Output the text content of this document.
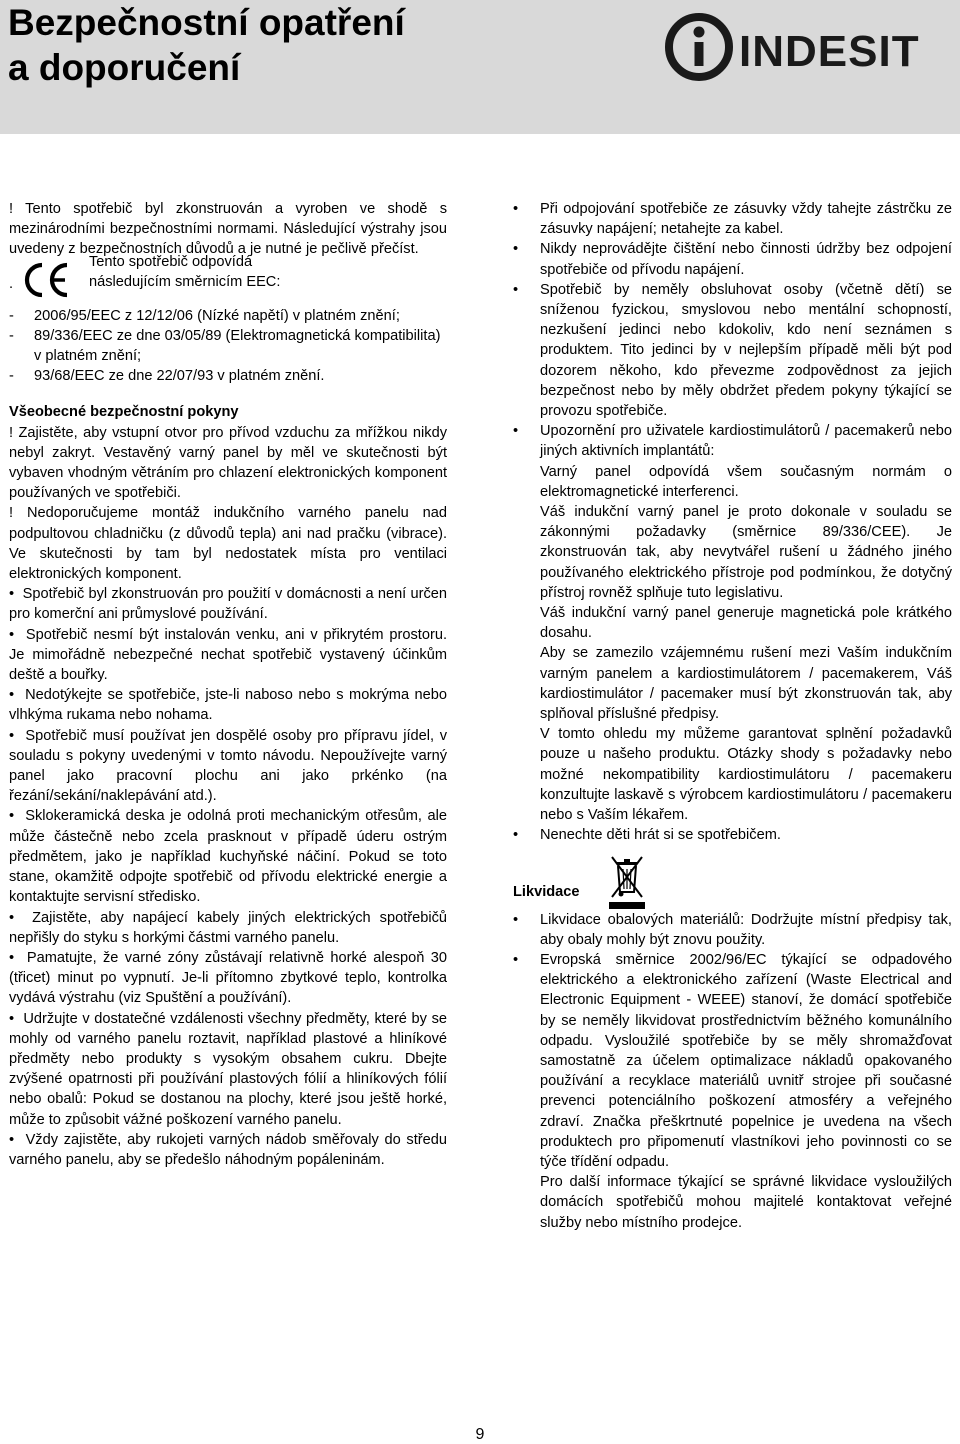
Bezpečnostní opatření
a doporučení	INDESIT

! Tento spotřebič byl zkonstruován a vyroben ve shodě s mezinárodními bezpečnostními normami. Následující výstrahy jsou uvedeny z bezpečnostních důvodů a je nutné je pečlivě přečíst.

.
Tento spotřebič odpovídá
následujícím směrnicím EEC:
- 2006/95/EEC z 12/12/06 (Nízké napětí) v platném znění;
- 89/336/EEC ze dne 03/05/89 (Elektromagnetická kompatibilita) v platném znění;
- 93/68/EEC ze dne 22/07/93 v platném znění.

Všeobecné bezpečnostní pokyny

! Zajistěte, aby vstupní otvor pro přívod vzduchu za mřížkou nikdy nebyl zakryt. Vestavěný varný panel by měl ve skutečnosti být vybaven vhodným větráním pro chlazení elektronických komponent používaných ve spotřebiči.

! Nedoporučujeme montáž indukčního varného panelu nad podpultovou chladničku (z důvodů tepla) ani nad pračku (vibrace). Ve skutečnosti by tam byl nedostatek místa pro ventilaci elektronických komponent.

• Spotřebič byl zkonstruován pro použití v domácnosti a není určen pro komerční ani průmyslové používání.

• Spotřebič nesmí být instalován venku, ani v přikrytém prostoru. Je mimořádně nebezpečné nechat spotřebič vystavený účinkům deště a bouřky.

• Nedotýkejte se spotřebiče, jste-li naboso nebo s mokrýma nebo vlhkýma rukama nebo nohama.

• Spotřebič musí používat jen dospělé osoby pro přípravu jídel, v souladu s pokyny uvedenými v tomto návodu. Nepoužívejte varný panel jako pracovní plochu ani jako prkénko (na řezání/sekání/naklepávání atd.).

• Sklokeramická deska je odolná proti mechanickým otřesům, ale může částečně nebo zcela prasknout v případě úderu ostrým předmětem, jako je například kuchyňské náčiní. Pokud se toto stane, okamžitě odpojte spotřebič od přívodu elektrické energie a kontaktujte servisní středisko.

• Zajistěte, aby napájecí kabely jiných elektrických spotřebičů nepřišly do styku s horkými částmi varného panelu.

• Pamatujte, že varné zóny zůstávají relativně horké alespoň 30 (třicet) minut po vypnutí. Je-li přítomno zbytkové teplo, kontrolka vydává výstrahu (viz Spuštění a používání).

• Udržujte v dostatečné vzdálenosti všechny předměty, které by se mohly od varného panelu roztavit, například plastové a hliníkové předměty nebo produkty s vysokým obsahem cukru. Dbejte zvýšené opatrnosti při používání plastových fólií a hliníkových fólií nebo obalů: Pokud se dostanou na plochy, které jsou ještě horké, může to způsobit vážné poškození varného panelu.

• Vždy zajistěte, aby rukojeti varných nádob směřovaly do středu varného panelu, aby se předešlo náhodným popáleninám.

• Při odpojování spotřebiče ze zásuvky vždy tahejte zástrčku ze zásuvky napájení; netahejte za kabel.
• Nikdy neprovádějte čištění nebo činnosti údržby bez odpojení spotřebiče od přívodu napájení.
• Spotřebič by neměly obsluhovat osoby (včetně dětí) se sníženou fyzickou, smyslovou nebo mentální schopností, nezkušení jedinci nebo kdokoliv, kdo není seznámen s produktem. Tito jedinci by v nejlepším případě měli být pod dozorem někoho, kdo převezme zodpovědnost za jejich bezpečnost nebo by měly obdržet předem pokyny týkající se provozu spotřebiče.
• Upozornění pro uživatele kardiostimulátorů / pacemakerů nebo jiných aktivních implantátů:

Varný panel odpovídá všem současným normám o elektromagnetické interferenci.

Váš indukční varný panel je proto dokonale v souladu se zákonnými požadavky (směrnice 89/336/CEE). Je zkonstruován tak, aby nevytvářel rušení u žádného jiného používaného elektrického přístroje pod podmínkou, že dotyčný přístroj rovněž splňuje tuto legislativu.

Váš indukční varný panel generuje magnetická pole krátkého dosahu.

Aby se zamezilo vzájemnému rušení mezi Vaším indukčním varným panelem a kardiostimulátorem / pacemakerem, Váš kardiostimulátor / pacemaker musí být zkonstruován tak, aby splňoval příslušné předpisy.

V tomto ohledu my můžeme garantovat splnění požadavků pouze u našeho produktu. Otázky shody s požadavky nebo možné nekompatibility kardiostimulátoru / pacemakeru konzultujte laskavě s výrobcem kardiostimulátoru / pacemakeru nebo s Vaším lékařem.

• Nenechte děti hrát si se spotřebičem.
Likvidace
• Likvidace obalových materiálů: Dodržujte místní předpisy tak, aby obaly mohly být znovu použity.
• Evropská směrnice 2002/96/EC týkající se odpadového elektrického a elektronického zařízení (Waste Electrical and Electronic Equipment - WEEE) stanoví, že domácí spotřebiče by se neměly likvidovat prostřednictvím běžného komunálního odpadu. Vysloužilé spotřebiče by se měly shromažďovat samostatně za účelem optimalizace nákladů opakovaného používání a recyklace materiálů uvnitř strojee při současné prevenci potenciálního poškození atmosféry a veřejného zdraví. Značka přeškrtnuté popelnice je uvedena na všech produktech pro připomenutí vlastníkovi jeho povinnosti co se týče třídění odpadu.

Pro další informace týkající se správné likvidace vysloužilých domácích spotřebičů mohou majitelé kontaktovat veřejné služby nebo místního prodejce.

9
